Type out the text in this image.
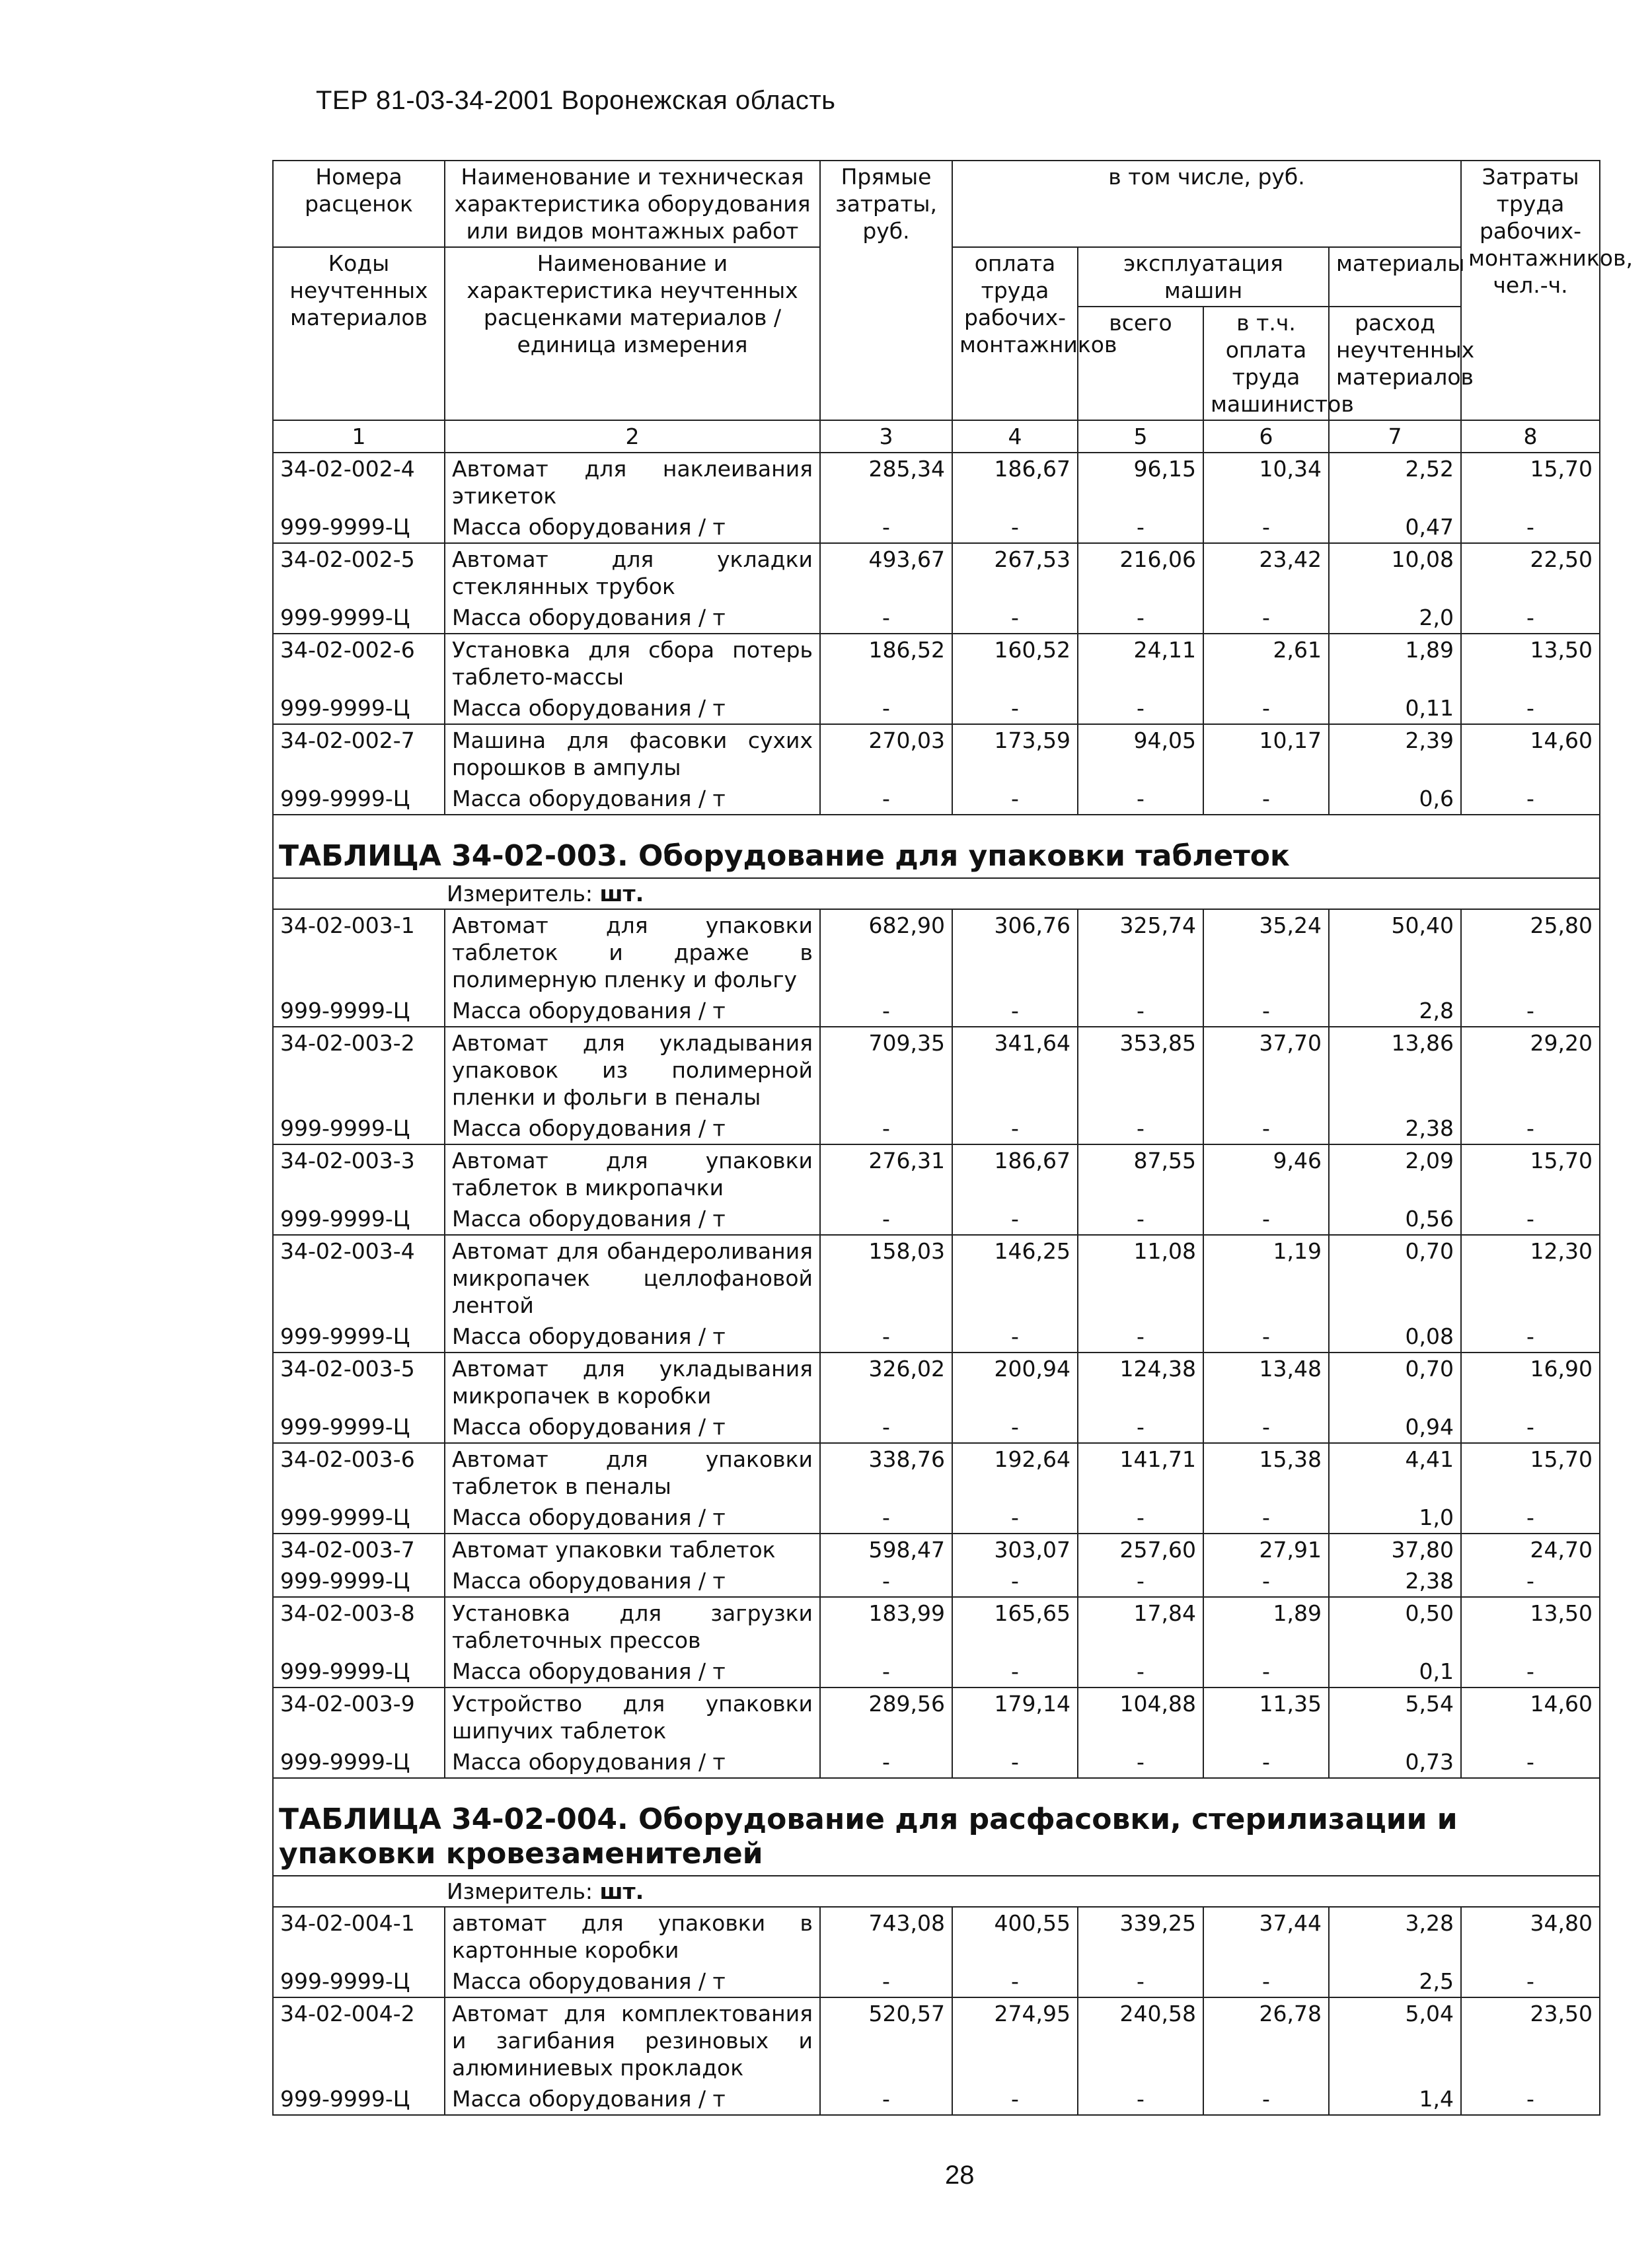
ТЕР 81-03-34-2001 Воронежская область
Номера расценок	Наименование и техническая характеристика оборудования или видов монтажных работ	Прямые затраты, руб.	в том числе, руб.				Затраты труда рабочих-монтажников, чел.-ч.
Коды неучтенных материалов	Наименование и характеристика неучтенных расценками материалов / единица измерения		оплата труда рабочих-монтажников	эксплуатация машин		материалы	
				всего	в т.ч. оплата труда машинистов	расход неучтенных материалов	
1	2	3	4	5	6	7	8
34-02-002-4	Автомат для наклеивания этикеток	285,34	186,67	96,15	10,34	2,52	15,70
999-9999-Ц	Масса оборудования / т	-	-	-	-	0,47	-
34-02-002-5	Автомат для укладки стеклянных трубок	493,67	267,53	216,06	23,42	10,08	22,50
999-9999-Ц	Масса оборудования / т	-	-	-	-	2,0	-
34-02-002-6	Установка для сбора потерь таблето-массы	186,52	160,52	24,11	2,61	1,89	13,50
999-9999-Ц	Масса оборудования / т	-	-	-	-	0,11	-
34-02-002-7	Машина для фасовки сухих порошков в ампулы	270,03	173,59	94,05	10,17	2,39	14,60
999-9999-Ц	Масса оборудования / т	-	-	-	-	0,6	-
ТАБЛИЦА 34-02-003. Оборудование для упаковки таблеток							
Измеритель: шт.							
34-02-003-1	Автомат для упаковки таблеток и драже в полимерную пленку и фольгу	682,90	306,76	325,74	35,24	50,40	25,80
999-9999-Ц	Масса оборудования / т	-	-	-	-	2,8	-
34-02-003-2	Автомат для укладывания упаковок из полимерной пленки и фольги в пеналы	709,35	341,64	353,85	37,70	13,86	29,20
999-9999-Ц	Масса оборудования / т	-	-	-	-	2,38	-
34-02-003-3	Автомат для упаковки таблеток в микропачки	276,31	186,67	87,55	9,46	2,09	15,70
999-9999-Ц	Масса оборудования / т	-	-	-	-	0,56	-
34-02-003-4	Автомат для обандероливания микропачек целлофановой лентой	158,03	146,25	11,08	1,19	0,70	12,30
999-9999-Ц	Масса оборудования / т	-	-	-	-	0,08	-
34-02-003-5	Автомат для укладывания микропачек в коробки	326,02	200,94	124,38	13,48	0,70	16,90
999-9999-Ц	Масса оборудования / т	-	-	-	-	0,94	-
34-02-003-6	Автомат для упаковки таблеток в пеналы	338,76	192,64	141,71	15,38	4,41	15,70
999-9999-Ц	Масса оборудования / т	-	-	-	-	1,0	-
34-02-003-7	Автомат упаковки таблеток	598,47	303,07	257,60	27,91	37,80	24,70
999-9999-Ц	Масса оборудования / т	-	-	-	-	2,38	-
34-02-003-8	Установка для загрузки таблеточных прессов	183,99	165,65	17,84	1,89	0,50	13,50
999-9999-Ц	Масса оборудования / т	-	-	-	-	0,1	-
34-02-003-9	Устройство для упаковки шипучих таблеток	289,56	179,14	104,88	11,35	5,54	14,60
999-9999-Ц	Масса оборудования / т	-	-	-	-	0,73	-
ТАБЛИЦА 34-02-004. Оборудование для расфасовки, стерилизации и упаковки кровезаменителей							
Измеритель: шт.							
34-02-004-1	автомат для упаковки в картонные коробки	743,08	400,55	339,25	37,44	3,28	34,80
999-9999-Ц	Масса оборудования / т	-	-	-	-	2,5	-
34-02-004-2	Автомат для комплектования и загибания резиновых и алюминиевых прокладок	520,57	274,95	240,58	26,78	5,04	23,50
999-9999-Ц	Масса оборудования / т	-	-	-	-	1,4	-
28
